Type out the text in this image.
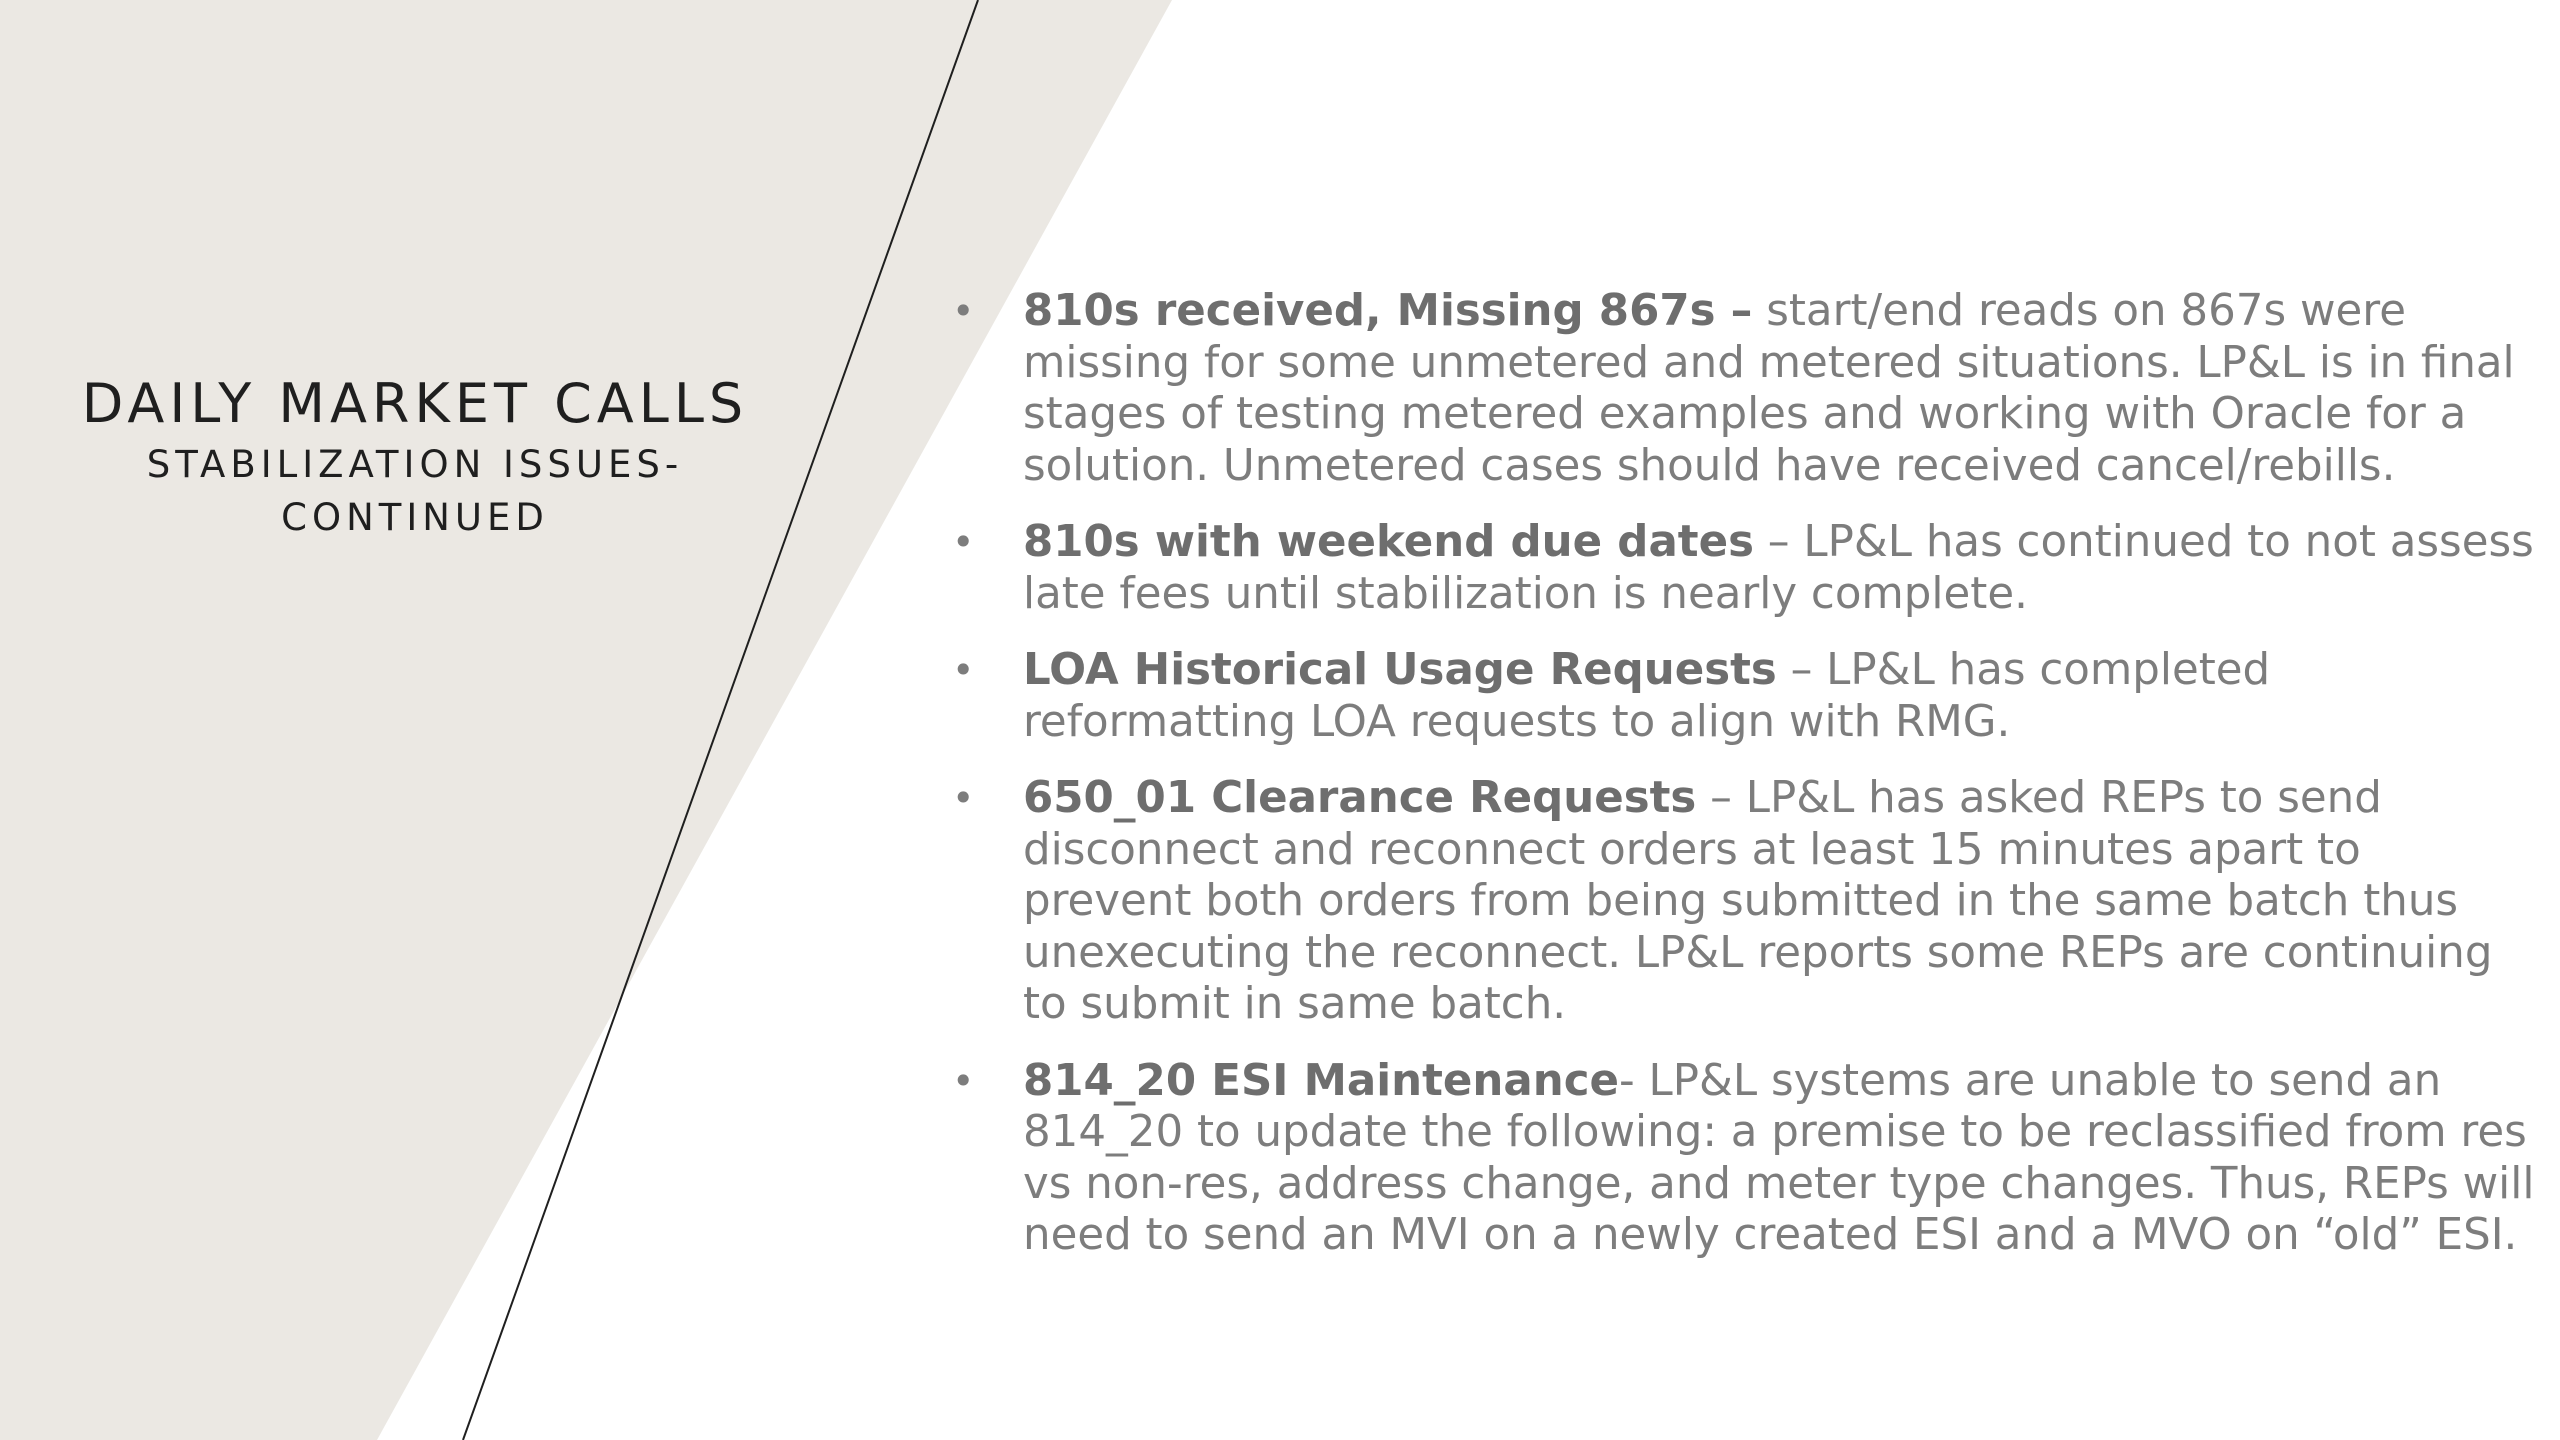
DAILY MARKET CALLS
STABILIZATION ISSUES-
CONTINUED
• 810s received, Missing 867s – start/end reads on 867s were missing for some unmetered and metered situations. LP&L is in final stages of testing metered examples and working with Oracle for a solution. Unmetered cases should have received cancel/rebills.
• 810s with weekend due dates – LP&L has continued to not assess late fees until stabilization is nearly complete.
• LOA Historical Usage Requests – LP&L has completed reformatting LOA requests to align with RMG.
• 650_01 Clearance Requests – LP&L has asked REPs to send disconnect and reconnect orders at least 15 minutes apart to prevent both orders from being submitted in the same batch thus unexecuting the reconnect. LP&L reports some REPs are continuing to submit in same batch.
• 814_20 ESI Maintenance- LP&L systems are unable to send an 814_20 to update the following: a premise to be reclassified from res vs non-res, address change, and meter type changes. Thus, REPs will need to send an MVI on a newly created ESI and a MVO on “old” ESI.
